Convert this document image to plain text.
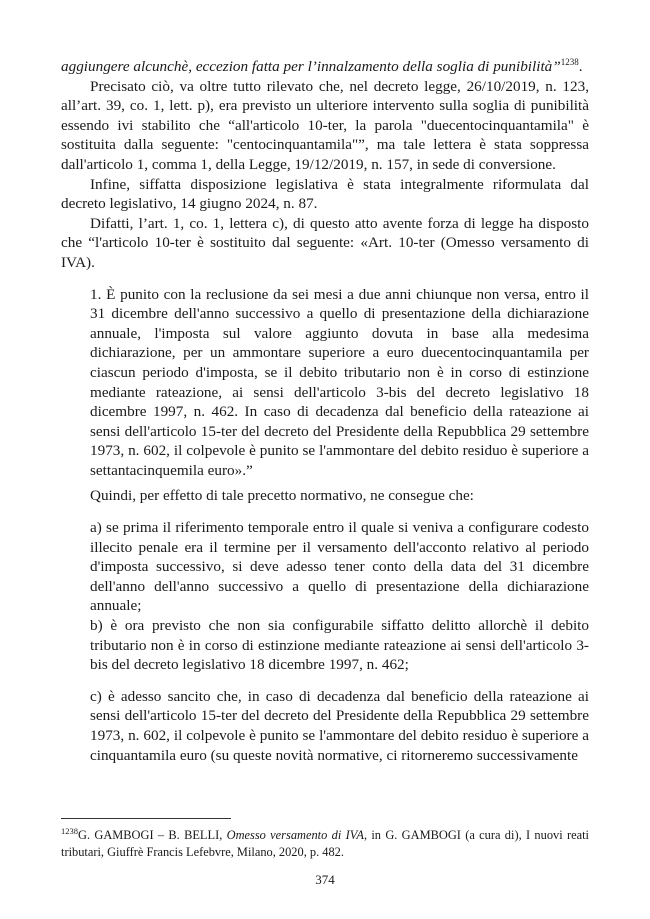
aggiungere alcunchè, eccezion fatta per l’innalzamento della soglia di punibilità”$^{1238}$.

Precisato ciò, va oltre tutto rilevato che, nel decreto legge, 26/10/2019, n. 123, all’art. 39, co. 1, lett. p), era previsto un ulteriore intervento sulla soglia di punibilità essendo ivi stabilito che “all'articolo 10-ter, la parola "duecentocinquantamila" è sostituita dalla seguente: "centocinquantamila"”, ma tale lettera è stata soppressa dall'articolo 1, comma 1, della Legge, 19/12/2019, n. 157, in sede di conversione.

Infine, siffatta disposizione legislativa è stata integralmente riformulata dal decreto legislativo, 14 giugno 2024, n. 87.

Difatti, l’art. 1, co. 1, lettera c), di questo atto avente forza di legge ha disposto che “l'articolo 10-ter è sostituito dal seguente: «Art. 10-ter (Omesso versamento di IVA).

1. È punito con la reclusione da sei mesi a due anni chiunque non versa, entro il 31 dicembre dell'anno successivo a quello di presentazione della dichiarazione annuale, l'imposta sul valore aggiunto dovuta in base alla medesima dichiarazione, per un ammontare superiore a euro duecentocinquantamila per ciascun periodo d'imposta, se il debito tributario non è in corso di estinzione mediante rateazione, ai sensi dell'articolo 3-bis del decreto legislativo 18 dicembre 1997, n. 462. In caso di decadenza dal beneficio della rateazione ai sensi dell'articolo 15-ter del decreto del Presidente della Repubblica 29 settembre 1973, n. 602, il colpevole è punito se l'ammontare del debito residuo è superiore a settantacinquemila euro».”

Quindi, per effetto di tale precetto normativo, ne consegue che:

a) se prima il riferimento temporale entro il quale si veniva a configurare codesto illecito penale era il termine per il versamento dell'acconto relativo al periodo d'imposta successivo, si deve adesso tener conto della data del 31 dicembre dell'anno dell'anno successivo a quello di presentazione della dichiarazione annuale;

b) è ora previsto che non sia configurabile siffatto delitto allorchè il debito tributario non è in corso di estinzione mediante rateazione ai sensi dell'articolo 3-bis del decreto legislativo 18 dicembre 1997, n. 462;

c) è adesso sancito che, in caso di decadenza dal beneficio della rateazione ai sensi dell'articolo 15-ter del decreto del Presidente della Repubblica 29 settembre 1973, n. 602, il colpevole è punito se l'ammontare del debito residuo è superiore a cinquantamila euro (su queste novità normative, ci ritorneremo successivamente

$^{1238}$G. GAMBOGI – B. BELLI, Omesso versamento di IVA, in G. GAMBOGI (a cura di), I nuovi reati tributari, Giuffrè Francis Lefebvre, Milano, 2020, p. 482.
374
